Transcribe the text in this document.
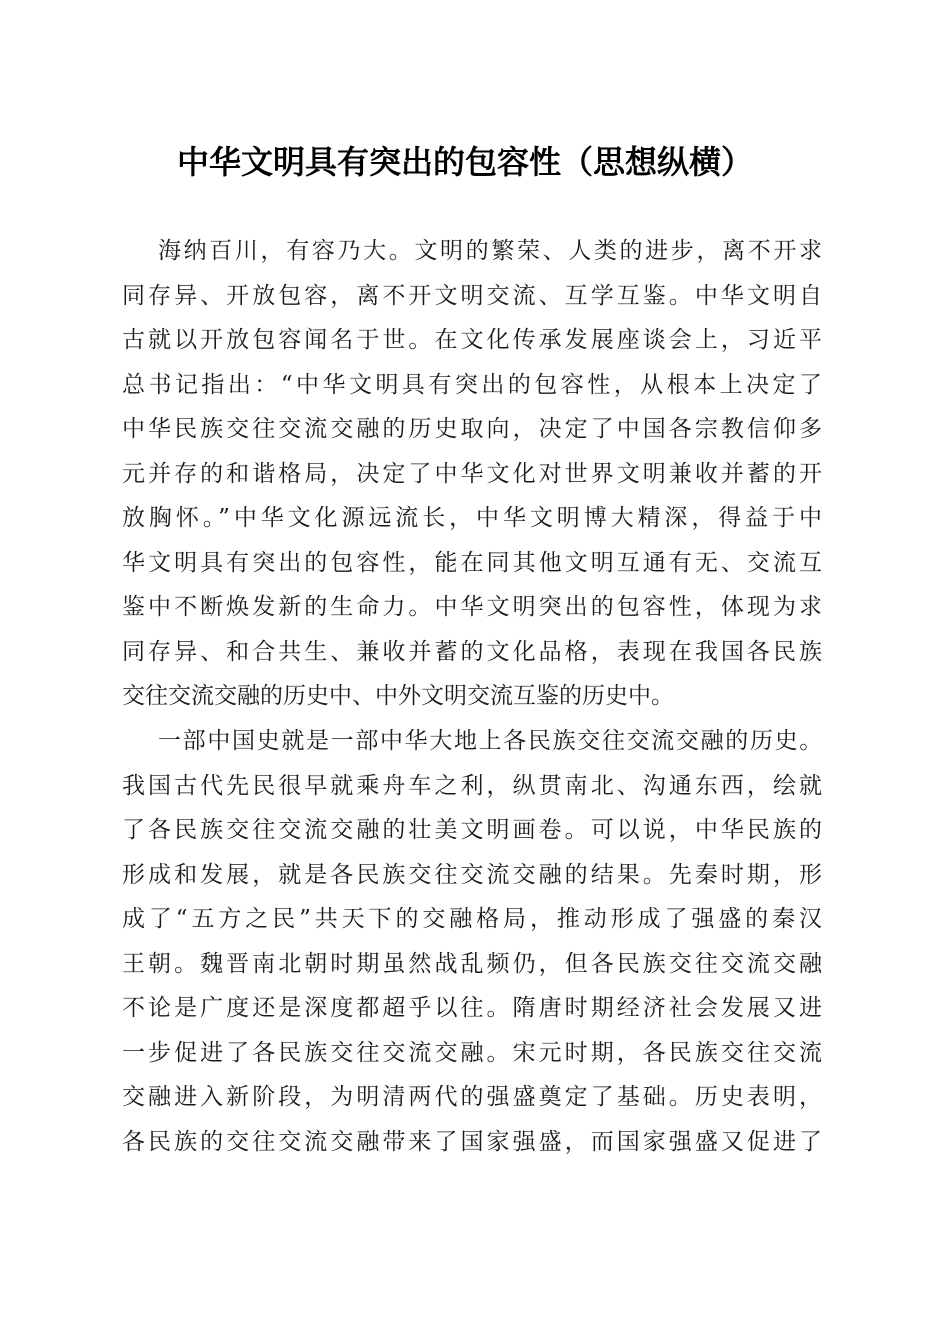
中华文明具有突出的包容性（思想纵横）
海纳百川，有容乃大。文明的繁荣、人类的进步，离不开求
同存异、开放包容，离不开文明交流、互学互鉴。中华文明自
古就以开放包容闻名于世。在文化传承发展座谈会上，习近平
总书记指出：“中华文明具有突出的包容性，从根本上决定了
中华民族交往交流交融的历史取向，决定了中国各宗教信仰多
元并存的和谐格局，决定了中华文化对世界文明兼收并蓄的开
放胸怀。”中华文化源远流长，中华文明博大精深，得益于中
华文明具有突出的包容性，能在同其他文明互通有无、交流互
鉴中不断焕发新的生命力。中华文明突出的包容性，体现为求
同存异、和合共生、兼收并蓄的文化品格，表现在我国各民族
交往交流交融的历史中、中外文明交流互鉴的历史中。
一部中国史就是一部中华大地上各民族交往交流交融的历史。
我国古代先民很早就乘舟车之利，纵贯南北、沟通东西，绘就
了各民族交往交流交融的壮美文明画卷。可以说，中华民族的
形成和发展，就是各民族交往交流交融的结果。先秦时期，形
成了“五方之民”共天下的交融格局，推动形成了强盛的秦汉
王朝。魏晋南北朝时期虽然战乱频仍，但各民族交往交流交融
不论是广度还是深度都超乎以往。隋唐时期经济社会发展又进
一步促进了各民族交往交流交融。宋元时期，各民族交往交流
交融进入新阶段，为明清两代的强盛奠定了基础。历史表明，
各民族的交往交流交融带来了国家强盛，而国家强盛又促进了
